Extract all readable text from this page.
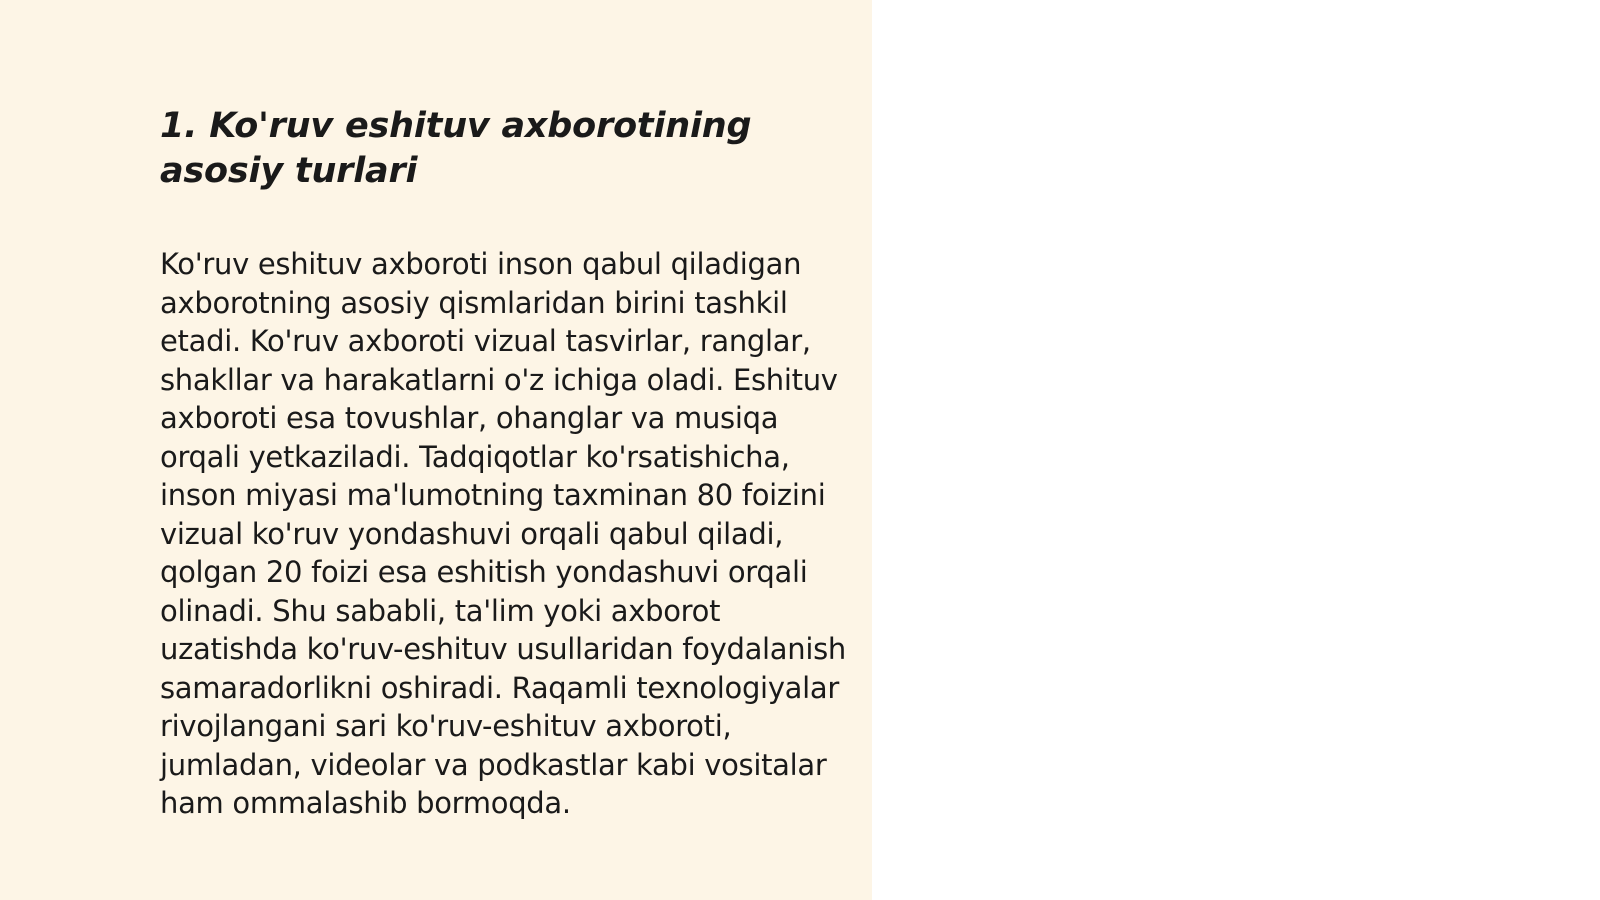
1. Ko'ruv eshituv axborotining asosiy turlari

Ko'ruv eshituv axboroti inson qabul qiladigan axborotning asosiy qismlaridan birini tashkil etadi. Ko'ruv axboroti vizual tasvirlar, ranglar, shakllar va harakatlarni o'z ichiga oladi. Eshituv axboroti esa tovushlar, ohanglar va musiqa orqali yetkaziladi. Tadqiqotlar ko'rsatishicha, inson miyasi ma'lumotning taxminan 80 foizini vizual ko'ruv yondashuvi orqali qabul qiladi, qolgan 20 foizi esa eshitish yondashuvi orqali olinadi. Shu sababli, ta'lim yoki axborot uzatishda ko'ruv-eshituv usullaridan foydalanish samaradorlikni oshiradi. Raqamli texnologiyalar rivojlangani sari ko'ruv-eshituv axboroti, jumladan, videolar va podkastlar kabi vositalar ham ommalashib bormoqda.
